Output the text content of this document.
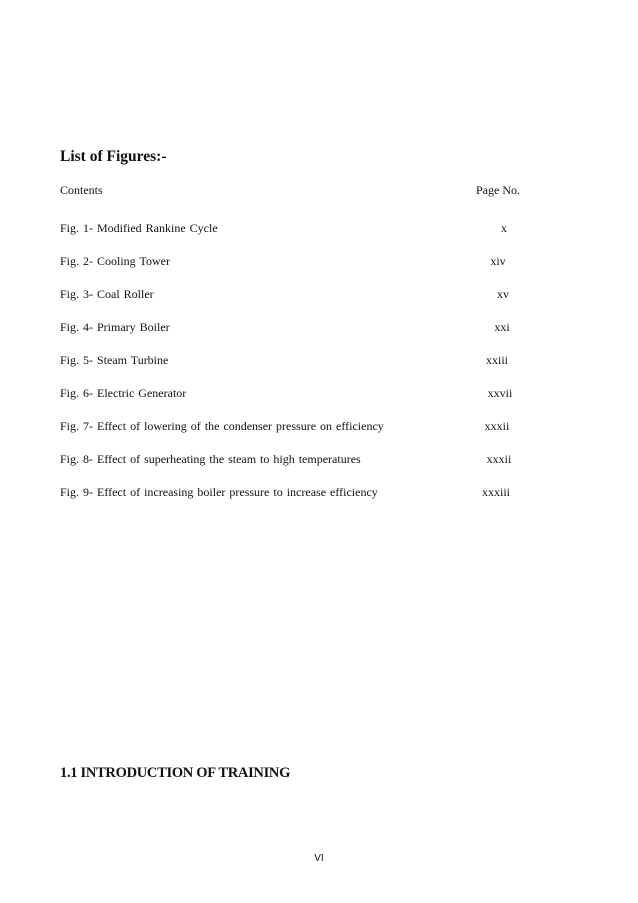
List of Figures:-
Contents	Page No.
Fig. 1- Modified Rankine Cycle	x
Fig. 2- Cooling Tower	xiv
Fig. 3- Coal Roller	xv
Fig. 4- Primary Boiler	xxi
Fig. 5- Steam Turbine	xxiii
Fig. 6- Electric Generator	xxvii
Fig. 7- Effect of lowering of the condenser pressure on efficiency	xxxii
Fig. 8- Effect of superheating the steam to high temperatures	xxxii
Fig. 9- Effect of increasing boiler pressure to increase efficiency	xxxiii
1.1 INTRODUCTION OF TRAINING
VI
